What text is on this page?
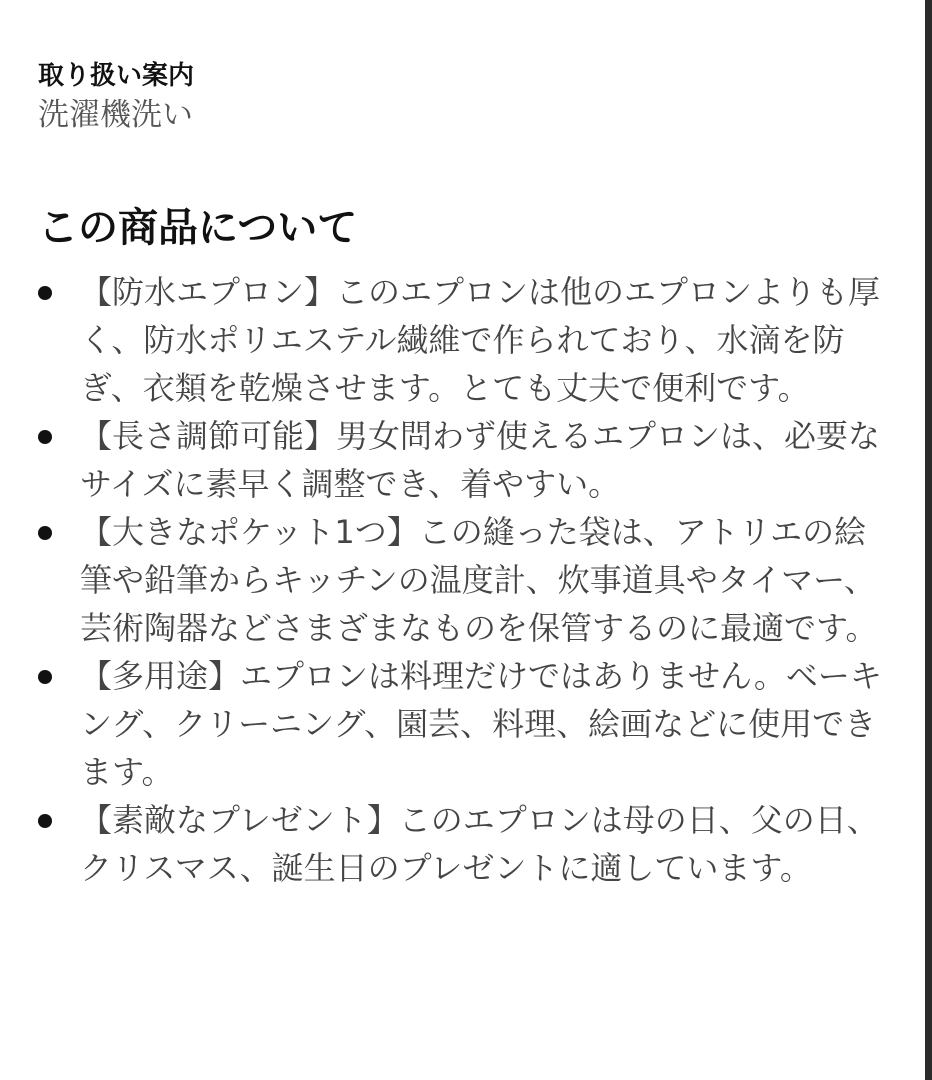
取り扱い案内
洗濯機洗い
この商品について
【防水エプロン】このエプロンは他のエプロンよりも厚く、防水ポリエステル繊維で作られており、水滴を防ぎ、衣類を乾燥させます。とても丈夫で便利です。
【長さ調節可能】男女問わず使えるエプロンは、必要なサイズに素早く調整でき、着やすい。
【大きなポケット1つ】この縫った袋は、アトリエの絵筆や鉛筆からキッチンの温度計、炊事道具やタイマー、芸術陶器などさまざまなものを保管するのに最適です。
【多用途】エプロンは料理だけではありません。ベーキング、クリーニング、園芸、料理、絵画などに使用できます。
【素敵なプレゼント】このエプロンは母の日、父の日、クリスマス、誕生日のプレゼントに適しています。
